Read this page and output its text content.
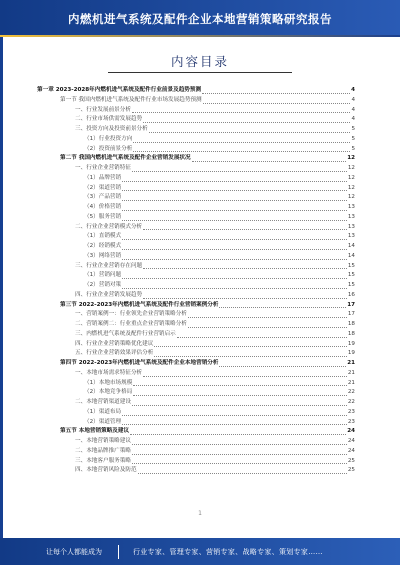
内燃机进气系统及配件企业本地营销策略研究报告
内容目录
第一章 2023-2028年内燃机进气系统及配件行业前景及趋势预测	4
第一节 我国内燃机进气系统及配件行业市场发展趋势预测	4
一、行业发展前景分析	4
二、行业市场供需发展趋势	4
三、投资方向及投资前景分析	5
（1）行业投资方向	5
（2）投资前景分析	5
第二节 我国内燃机进气系统及配件企业营销发展状况	12
一、行业企业营销特征	12
（1）品牌营销	12
（2）渠道营销	12
（3）产品营销	12
（4）价格营销	13
（5）服务营销	13
二、行业企业营销模式分析	13
（1）直销模式	13
（2）经销模式	14
（3）网络营销	14
三、行业企业营销存在问题	15
（1）营销问题	15
（2）营销对策	15
四、行业企业营销发展趋势	16
第三节 2022-2023年内燃机进气系统及配件行业营销案例分析	17
一、营销案例一：行业领先企业营销策略分析	17
二、营销案例二：行业重点企业营销策略分析	18
三、内燃机进气系统及配件行业营销启示	18
四、行业企业营销策略优化建议	19
五、行业企业营销效果评估分析	19
第四节 2022-2023年内燃机进气系统及配件企业本地营销分析	21
一、本地市场需求特征分析	21
（1）本地市场规模	21
（2）本地竞争格局	22
二、本地营销渠道建设	22
（1）渠道布局	23
（2）渠道管理	23
第五节 本地营销策略及建议	24
一、本地营销策略建议	24
二、本地品牌推广策略	24
三、本地客户服务策略	25
四、本地营销风险及防范	25
1
让每个人都能成为	行业专家、管理专家、营销专家、战略专家、策划专家……
